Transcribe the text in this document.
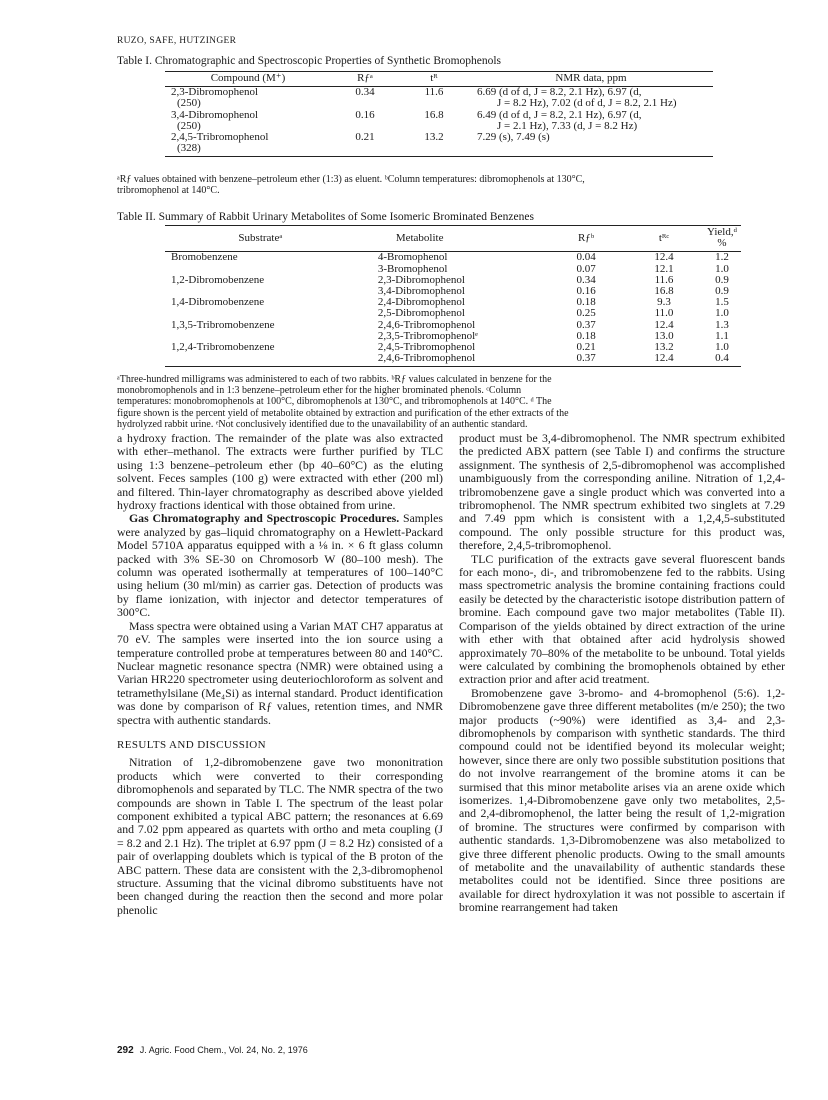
RUZO, SAFE, HUTZINGER
Table I. Chromatographic and Spectroscopic Properties of Synthetic Bromophenols
Compound (M⁺)	Rƒᵃ	tᴿ	NMR data, ppm
2,3-Dibromophenol	0.34	11.6	6.69 (d of d, J = 8.2, 2.1 Hz), 6.97 (d,
(250)			J = 8.2 Hz), 7.02 (d of d, J = 8.2, 2.1 Hz)
3,4-Dibromophenol	0.16	16.8	6.49 (d of d, J = 8.2, 2.1 Hz), 6.97 (d,
(250)			J = 2.1 Hz), 7.33 (d, J = 8.2 Hz)
2,4,5-Tribromophenol	0.21	13.2	7.29 (s), 7.49 (s)
(328)			
ᵃRƒ values obtained with benzene–petroleum ether (1:3) as eluent. ᵇColumn temperatures: dibromophenols at 130°C,
tribromophenol at 140°C.
Table II. Summary of Rabbit Urinary Metabolites of Some Isomeric Brominated Benzenes
Substrateᵃ	Metabolite	Rƒᵇ	tᴿᶜ	Yield,ᵈ %
Bromobenzene	4-Bromophenol	0.04	12.4	1.2
	3-Bromophenol	0.07	12.1	1.0
1,2-Dibromobenzene	2,3-Dibromophenol	0.34	11.6	0.9
	3,4-Dibromophenol	0.16	16.8	0.9
1,4-Dibromobenzene	2,4-Dibromophenol	0.18	9.3	1.5
	2,5-Dibromophenol	0.25	11.0	1.0
1,3,5-Tribromobenzene	2,4,6-Tribromophenol	0.37	12.4	1.3
	2,3,5-Tribromophenolᵉ	0.18	13.0	1.1
1,2,4-Tribromobenzene	2,4,5-Tribromophenol	0.21	13.2	1.0
	2,4,6-Tribromophenol	0.37	12.4	0.4
ᵃThree-hundred milligrams was administered to each of two rabbits. ᵇRƒ values calculated in benzene for the
monobromophenols and in 1:3 benzene–petroleum ether for the higher brominated phenols. ᶜColumn
temperatures: monobromophenols at 100°C, dibromophenols at 130°C, and tribromophenols at 140°C. ᵈ The
figure shown is the percent yield of metabolite obtained by extraction and purification of the ether extracts of the
hydrolyzed rabbit urine. ᵉNot conclusively identified due to the unavailability of an authentic standard.

a hydroxy fraction. The remainder of the plate was also extracted with ether–methanol. The extracts were further purified by TLC using 1:3 benzene–petroleum ether (bp 40–60°C) as the eluting solvent. Feces samples (100 g) were extracted with ether (200 ml) and filtered. Thin-layer chromatography as described above yielded hydroxy fractions identical with those obtained from urine.

Gas Chromatography and Spectroscopic Procedures. Samples were analyzed by gas–liquid chromatography on a Hewlett-Packard Model 5710A apparatus equipped with a ⅛ in. × 6 ft glass column packed with 3% SE-30 on Chromosorb W (80–100 mesh). The column was operated isothermally at temperatures of 100–140°C using helium (30 ml/min) as carrier gas. Detection of products was by flame ionization, with injector and detector temperatures of 300°C.

Mass spectra were obtained using a Varian MAT CH7 apparatus at 70 eV. The samples were inserted into the ion source using a temperature controlled probe at temperatures between 80 and 140°C. Nuclear magnetic resonance spectra (NMR) were obtained using a Varian HR220 spectrometer using deuteriochloroform as solvent and tetramethylsilane (Me₄Si) as internal standard. Product identification was done by comparison of Rƒ values, retention times, and NMR spectra with authentic standards.

RESULTS AND DISCUSSION

Nitration of 1,2-dibromobenzene gave two mononitration products which were converted to their corresponding dibromophenols and separated by TLC. The NMR spectra of the two compounds are shown in Table I. The spectrum of the least polar component exhibited a typical ABC pattern; the resonances at 6.69 and 7.02 ppm appeared as quartets with ortho and meta coupling (J = 8.2 and 2.1 Hz). The triplet at 6.97 ppm (J = 8.2 Hz) consisted of a pair of overlapping doublets which is typical of the B proton of the ABC pattern. These data are consistent with the 2,3-dibromophenol structure. Assuming that the vicinal dibromo substituents have not been changed during the reaction then the second and more polar phenolic

product must be 3,4-dibromophenol. The NMR spectrum exhibited the predicted ABX pattern (see Table I) and confirms the structure assignment. The synthesis of 2,5-dibromophenol was accomplished unambiguously from the corresponding aniline. Nitration of 1,2,4-tribromobenzene gave a single product which was converted into a tribromophenol. The NMR spectrum exhibited two singlets at 7.29 and 7.49 ppm which is consistent with a 1,2,4,5-substituted compound. The only possible structure for this product was, therefore, 2,4,5-tribromophenol.

TLC purification of the extracts gave several fluorescent bands for each mono-, di-, and tribromobenzene fed to the rabbits. Using mass spectrometric analysis the bromine containing fractions could easily be detected by the characteristic isotope distribution pattern of bromine. Each compound gave two major metabolites (Table II). Comparison of the yields obtained by direct extraction of the urine with ether with that obtained after acid hydrolysis showed approximately 70–80% of the metabolite to be unbound. Total yields were calculated by combining the bromophenols obtained by ether extraction prior and after acid treatment.

Bromobenzene gave 3-bromo- and 4-bromophenol (5:6). 1,2-Dibromobenzene gave three different metabolites (m/e 250); the two major products (~90%) were identified as 3,4- and 2,3-dibromophenols by comparison with synthetic standards. The third compound could not be identified beyond its molecular weight; however, since there are only two possible substitution positions that do not involve rearrangement of the bromine atoms it can be surmised that this minor metabolite arises via an arene oxide which isomerizes. 1,4-Dibromobenzene gave only two metabolites, 2,5- and 2,4-dibromophenol, the latter being the result of 1,2-migration of bromine. The structures were confirmed by comparison with authentic standards. 1,3-Dibromobenzene was also metabolized to give three different phenolic products. Owing to the small amounts of metabolite and the unavailability of authentic standards these metabolites could not be identified. Since three positions are available for direct hydroxylation it was not possible to ascertain if bromine rearrangement had taken

292 J. Agric. Food Chem., Vol. 24, No. 2, 1976
